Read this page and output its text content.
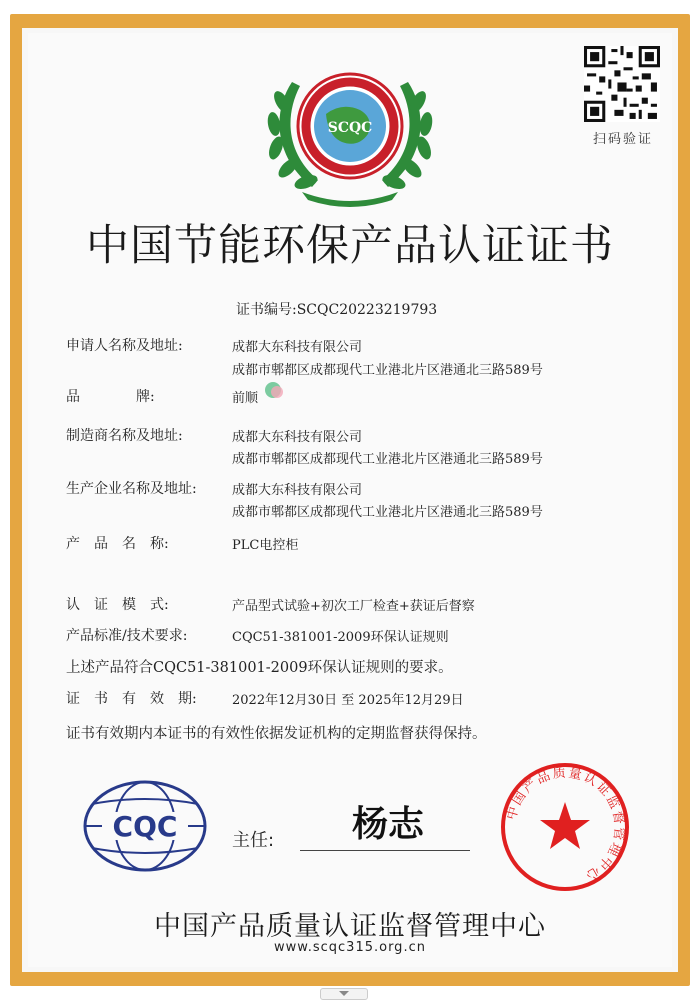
SCQC
扫码验证
中国节能环保产品认证证书
证书编号:SCQC20223219793
申请人名称及地址:	成都大东科技有限公司
成都市郫都区成都现代工业港北片区港通北三路589号
品　　　　牌:	前顺
制造商名称及地址:	成都大东科技有限公司
成都市郫都区成都现代工业港北片区港通北三路589号
生产企业名称及地址:	成都大东科技有限公司
成都市郫都区成都现代工业港北片区港通北三路589号
产　品　名　称:	PLC电控柜
认　证　模　式:	产品型式试验+初次工厂检查+获证后督察
产品标准/技术要求:	CQC51-381001-2009环保认证规则
上述产品符合CQC51-381001-2009环保认证规则的要求。
证　书　有　效　期:	2022年12月30日 至 2025年12月29日
证书有效期内本证书的有效性依据发证机构的定期监督获得保持。
CQC	主任: 杨志	中国产品质量认证监督管理中心
中国产品质量认证监督管理中心
www.scqc315.org.cn
